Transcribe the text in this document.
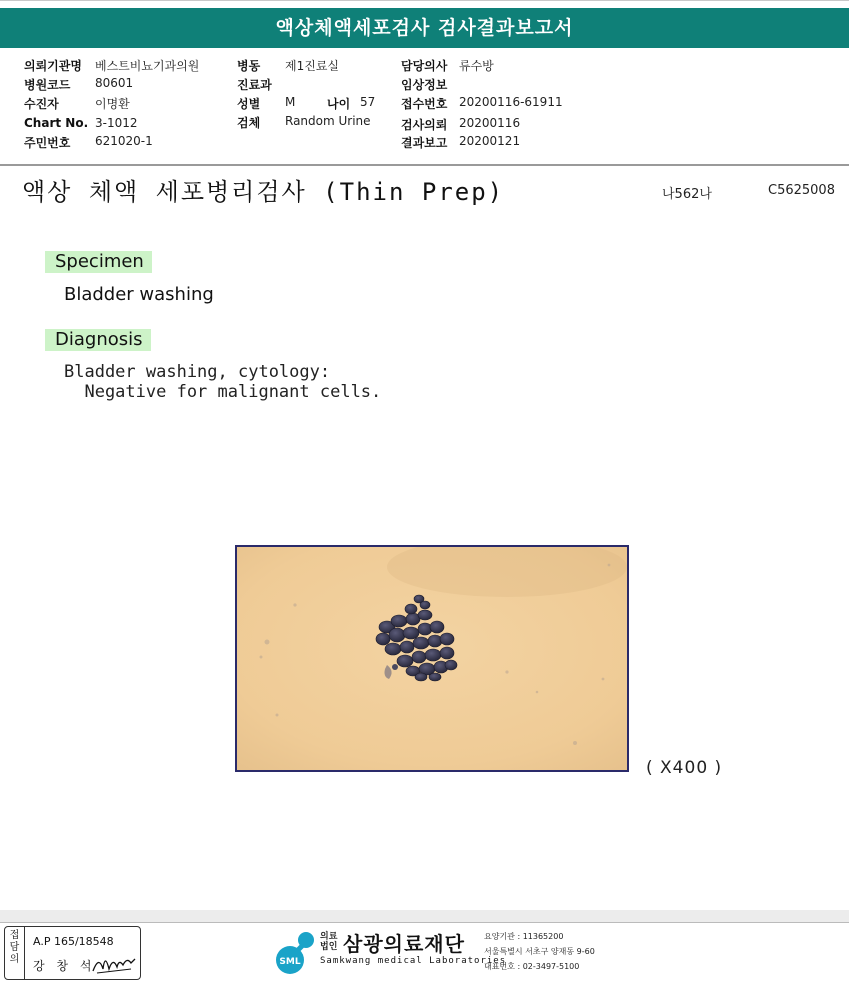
액상체액세포검사 검사결과보고서
의뢰기관명 베스트비뇨기과의원
병원코드 80601
수진자	이명환
Chart No. 3-1012
주민번호 621020-1
병동 제1진료실
진료과
성별 M	나이 57
검체 Random Urine
담당의사 류수방
임상정보
접수번호 20200116-61911
검사의뢰 20200116
결과보고 20200121
액상 체액 세포병리검사 (Thin Prep)	나562나	C5625008
Specimen
Bladder washing
Diagnosis
Bladder washing, cytology:
Negative for malignant cells.
( X400 )
접
담
의
A.P 165/18548
강 창 석	SML
의료
법인 삼광의료재단
Samkwang medical Laboratories
요양기관 : 11365200
서울특별시 서초구 양재동 9-60
대표번호 : 02-3497-5100
